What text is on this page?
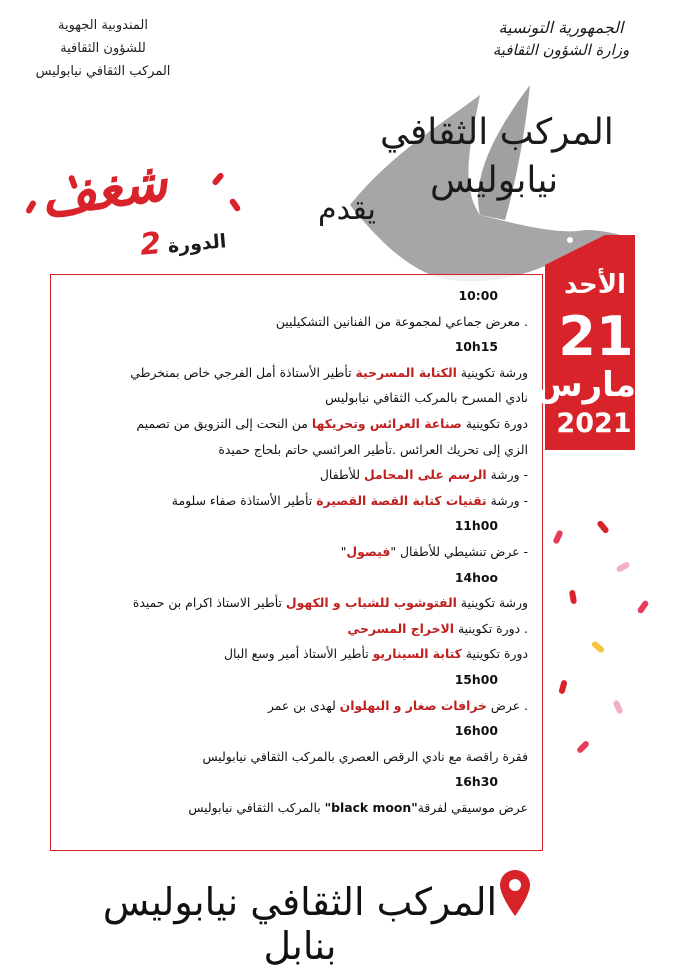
المندوبية الجهوية
للشؤون الثقافية
المركب الثقافي نيابوليس
الجمهورية التونسية
وزارة الشؤون الثقافية
المركب الثقافي
نيابوليس
يقدم
شغف
الدورة 2
10:00
. معرض جماعي لمجموعة من الفنانين التشكيليين
10h15
ورشة تكوينية الكتابة المسرحية تأطير الأستاذة أمل الفرجي خاص بمنخرطي
نادي المسرح بالمركب الثقافي نيابوليس
دورة تكوينية صناعة العرائس وتحريكها من النحت إلى التزويق من تصميم
الزي إلى تحريك العرائس .تأطير العرائسي حاتم بلحاج حميدة
- ورشة الرسم على المحامل للأطفال
- ورشة تقنيات كتابة القصة القصيرة تأطير الأستاذة صفاء سلومة
11h00
- عرض تنشيطي للأطفال "فيصول"
14hoo
ورشة تكوينية الفتوشوب للشباب و الكهول تأطير الاستاذ اكرام بن حميدة
. دورة تكوينية الاخراج المسرحي
دورة تكوينية كتابة السيناريو تأطير الأستاذ أمير وسع البال
15h00
. عرض خرافات صغار و البهلوان لهدى بن عمر
16h00
فقرة راقصة مع نادي الرقص العصري بالمركب الثقافي نيابوليس
16h30
عرض موسيقي لفرقة"black moon" بالمركب الثقافي نيابوليس
الأحد
21
مارس
2021
المركب الثقافي نيابوليس بنابل
